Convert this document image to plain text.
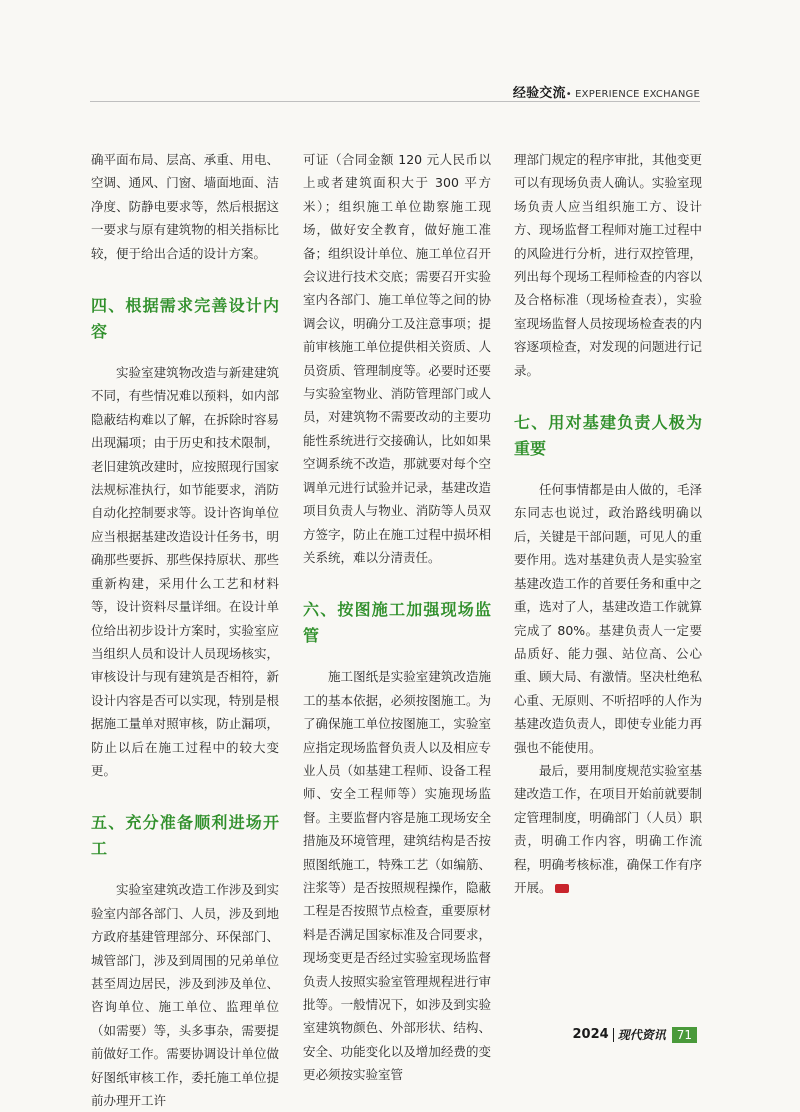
经验交流• EXPERIENCE EXCHANGE

确平面布局、层高、承重、用电、空调、通风、门窗、墙面地面、洁净度、防静电要求等，然后根据这一要求与原有建筑物的相关指标比较，便于给出合适的设计方案。

四、根据需求完善设计内容

实验室建筑物改造与新建建筑不同，有些情况难以预料，如内部隐蔽结构难以了解，在拆除时容易出现漏项；由于历史和技术限制，老旧建筑改建时，应按照现行国家法规标准执行，如节能要求，消防自动化控制要求等。设计咨询单位应当根据基建改造设计任务书，明确那些要拆、那些保持原状、那些重新构建，采用什么工艺和材料等，设计资料尽量详细。在设计单位给出初步设计方案时，实验室应当组织人员和设计人员现场核实，审核设计与现有建筑是否相符，新设计内容是否可以实现，特别是根据施工量单对照审核，防止漏项，防止以后在施工过程中的较大变更。

五、充分准备顺利进场开工

实验室建筑改造工作涉及到实验室内部各部门、人员，涉及到地方政府基建管理部分、环保部门、城管部门，涉及到周围的兄弟单位甚至周边居民，涉及到涉及单位、咨询单位、施工单位、监理单位（如需要）等，头多事杂，需要提前做好工作。需要协调设计单位做好图纸审核工作，委托施工单位提前办理开工许

可证（合同金额 120 元人民币以上或者建筑面积大于 300 平方米）；组织施工单位勘察施工现场，做好安全教育，做好施工准备；组织设计单位、施工单位召开会议进行技术交底；需要召开实验室内各部门、施工单位等之间的协调会议，明确分工及注意事项；提前审核施工单位提供相关资质、人员资质、管理制度等。必要时还要与实验室物业、消防管理部门或人员，对建筑物不需要改动的主要功能性系统进行交接确认，比如如果空调系统不改造，那就要对每个空调单元进行试验并记录，基建改造项目负责人与物业、消防等人员双方签字，防止在施工过程中损坏相关系统，难以分清责任。

六、按图施工加强现场监管

施工图纸是实验室建筑改造施工的基本依据，必须按图施工。为了确保施工单位按图施工，实验室应指定现场监督负责人以及相应专业人员（如基建工程师、设备工程师、安全工程师等）实施现场监督。主要监督内容是施工现场安全措施及环境管理，建筑结构是否按照图纸施工，特殊工艺（如编筋、注浆等）是否按照规程操作，隐蔽工程是否按照节点检查，重要原材料是否满足国家标准及合同要求，现场变更是否经过实验室现场监督负责人按照实验室管理规程进行审批等。一般情况下，如涉及到实验室建筑物颜色、外部形状、结构、安全、功能变化以及增加经费的变更必须按实验室管

理部门规定的程序审批，其他变更可以有现场负责人确认。实验室现场负责人应当组织施工方、设计方、现场监督工程师对施工过程中的风险进行分析，进行双控管理，列出每个现场工程师检查的内容以及合格标准（现场检查表），实验室现场监督人员按现场检查表的内容逐项检查，对发现的问题进行记录。

七、用对基建负责人极为重要

任何事情都是由人做的，毛泽东同志也说过，政治路线明确以后，关键是干部问题，可见人的重要作用。选对基建负责人是实验室基建改造工作的首要任务和重中之重，选对了人，基建改造工作就算完成了 80%。基建负责人一定要品质好、能力强、站位高、公心重、顾大局、有激情。坚决杜绝私心重、无原则、不听招呼的人作为基建改造负责人，即使专业能力再强也不能使用。

最后，要用制度规范实验室基建改造工作，在项目开始前就要制定管理制度，明确部门（人员）职责，明确工作内容，明确工作流程，明确考核标准，确保工作有序开展。

2024 现代资讯 71
